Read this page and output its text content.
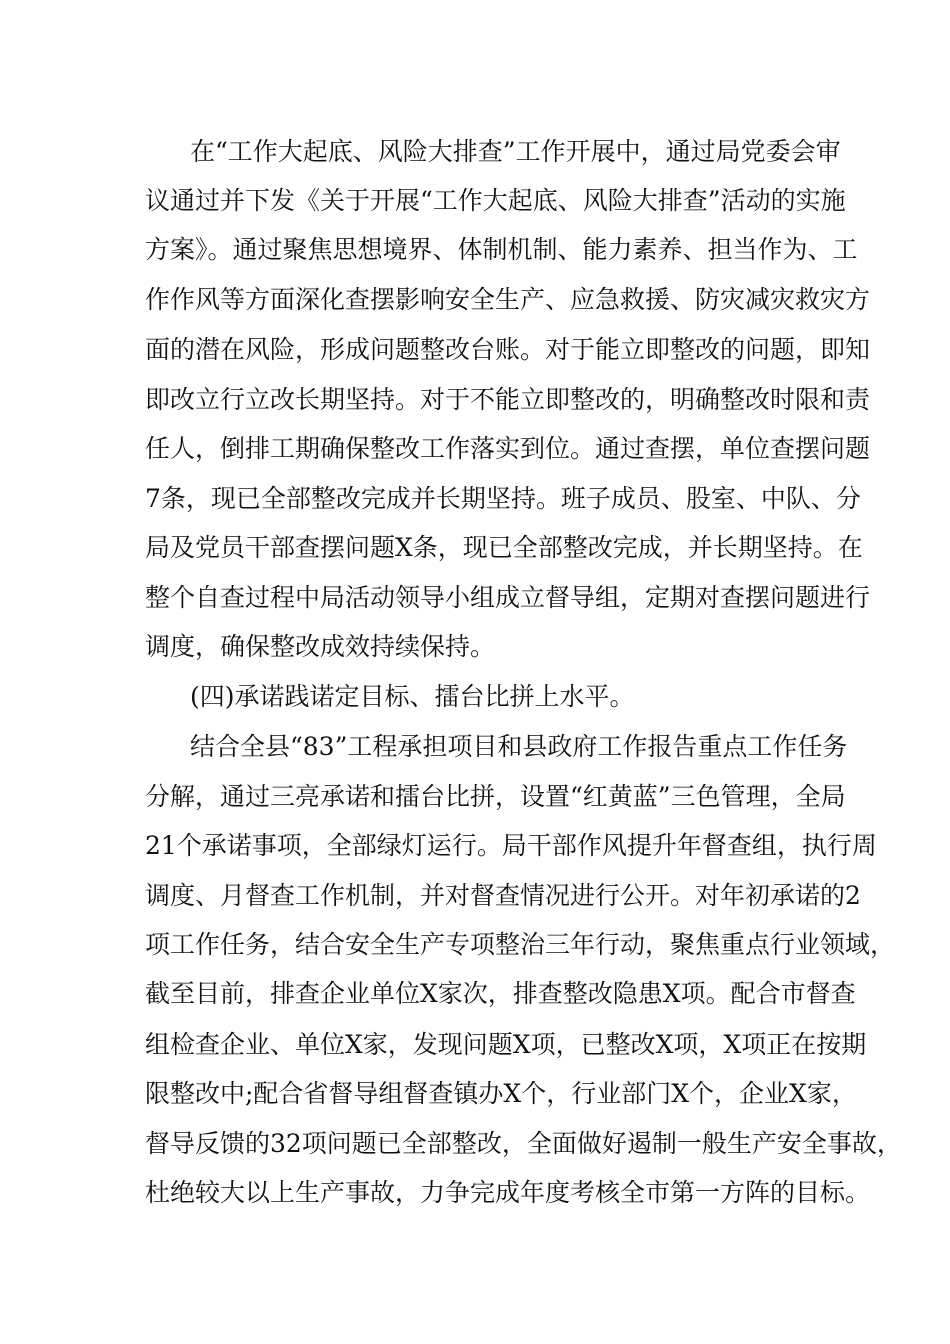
在“工作大起底、风险大排查”工作开展中，通过局党委会审
议通过并下发《关于开展“工作大起底、风险大排查”活动的实施
方案》。通过聚焦思想境界、体制机制、能力素养、担当作为、工
作作风等方面深化查摆影响安全生产、应急救援、防灾减灾救灾方
面的潜在风险，形成问题整改台账。对于能立即整改的问题，即知
即改立行立改长期坚持。对于不能立即整改的，明确整改时限和责
任人，倒排工期确保整改工作落实到位。通过查摆，单位查摆问题
7条，现已全部整改完成并长期坚持。班子成员、股室、中队、分
局及党员干部查摆问题X条，现已全部整改完成，并长期坚持。在
整个自查过程中局活动领导小组成立督导组，定期对查摆问题进行
调度，确保整改成效持续保持。
(四)承诺践诺定目标、擂台比拼上水平。
结合全县“83”工程承担项目和县政府工作报告重点工作任务
分解，通过三亮承诺和擂台比拼，设置“红黄蓝”三色管理，全局
21个承诺事项，全部绿灯运行。局干部作风提升年督查组，执行周
调度、月督查工作机制，并对督查情况进行公开。对年初承诺的2
项工作任务，结合安全生产专项整治三年行动，聚焦重点行业领域，
截至目前，排查企业单位X家次，排查整改隐患X项。配合市督查
组检查企业、单位X家，发现问题X项，已整改X项，X项正在按期
限整改中;配合省督导组督查镇办X个，行业部门X个，企业X家，
督导反馈的32项问题已全部整改，全面做好遏制一般生产安全事故，
杜绝较大以上生产事故，力争完成年度考核全市第一方阵的目标。
